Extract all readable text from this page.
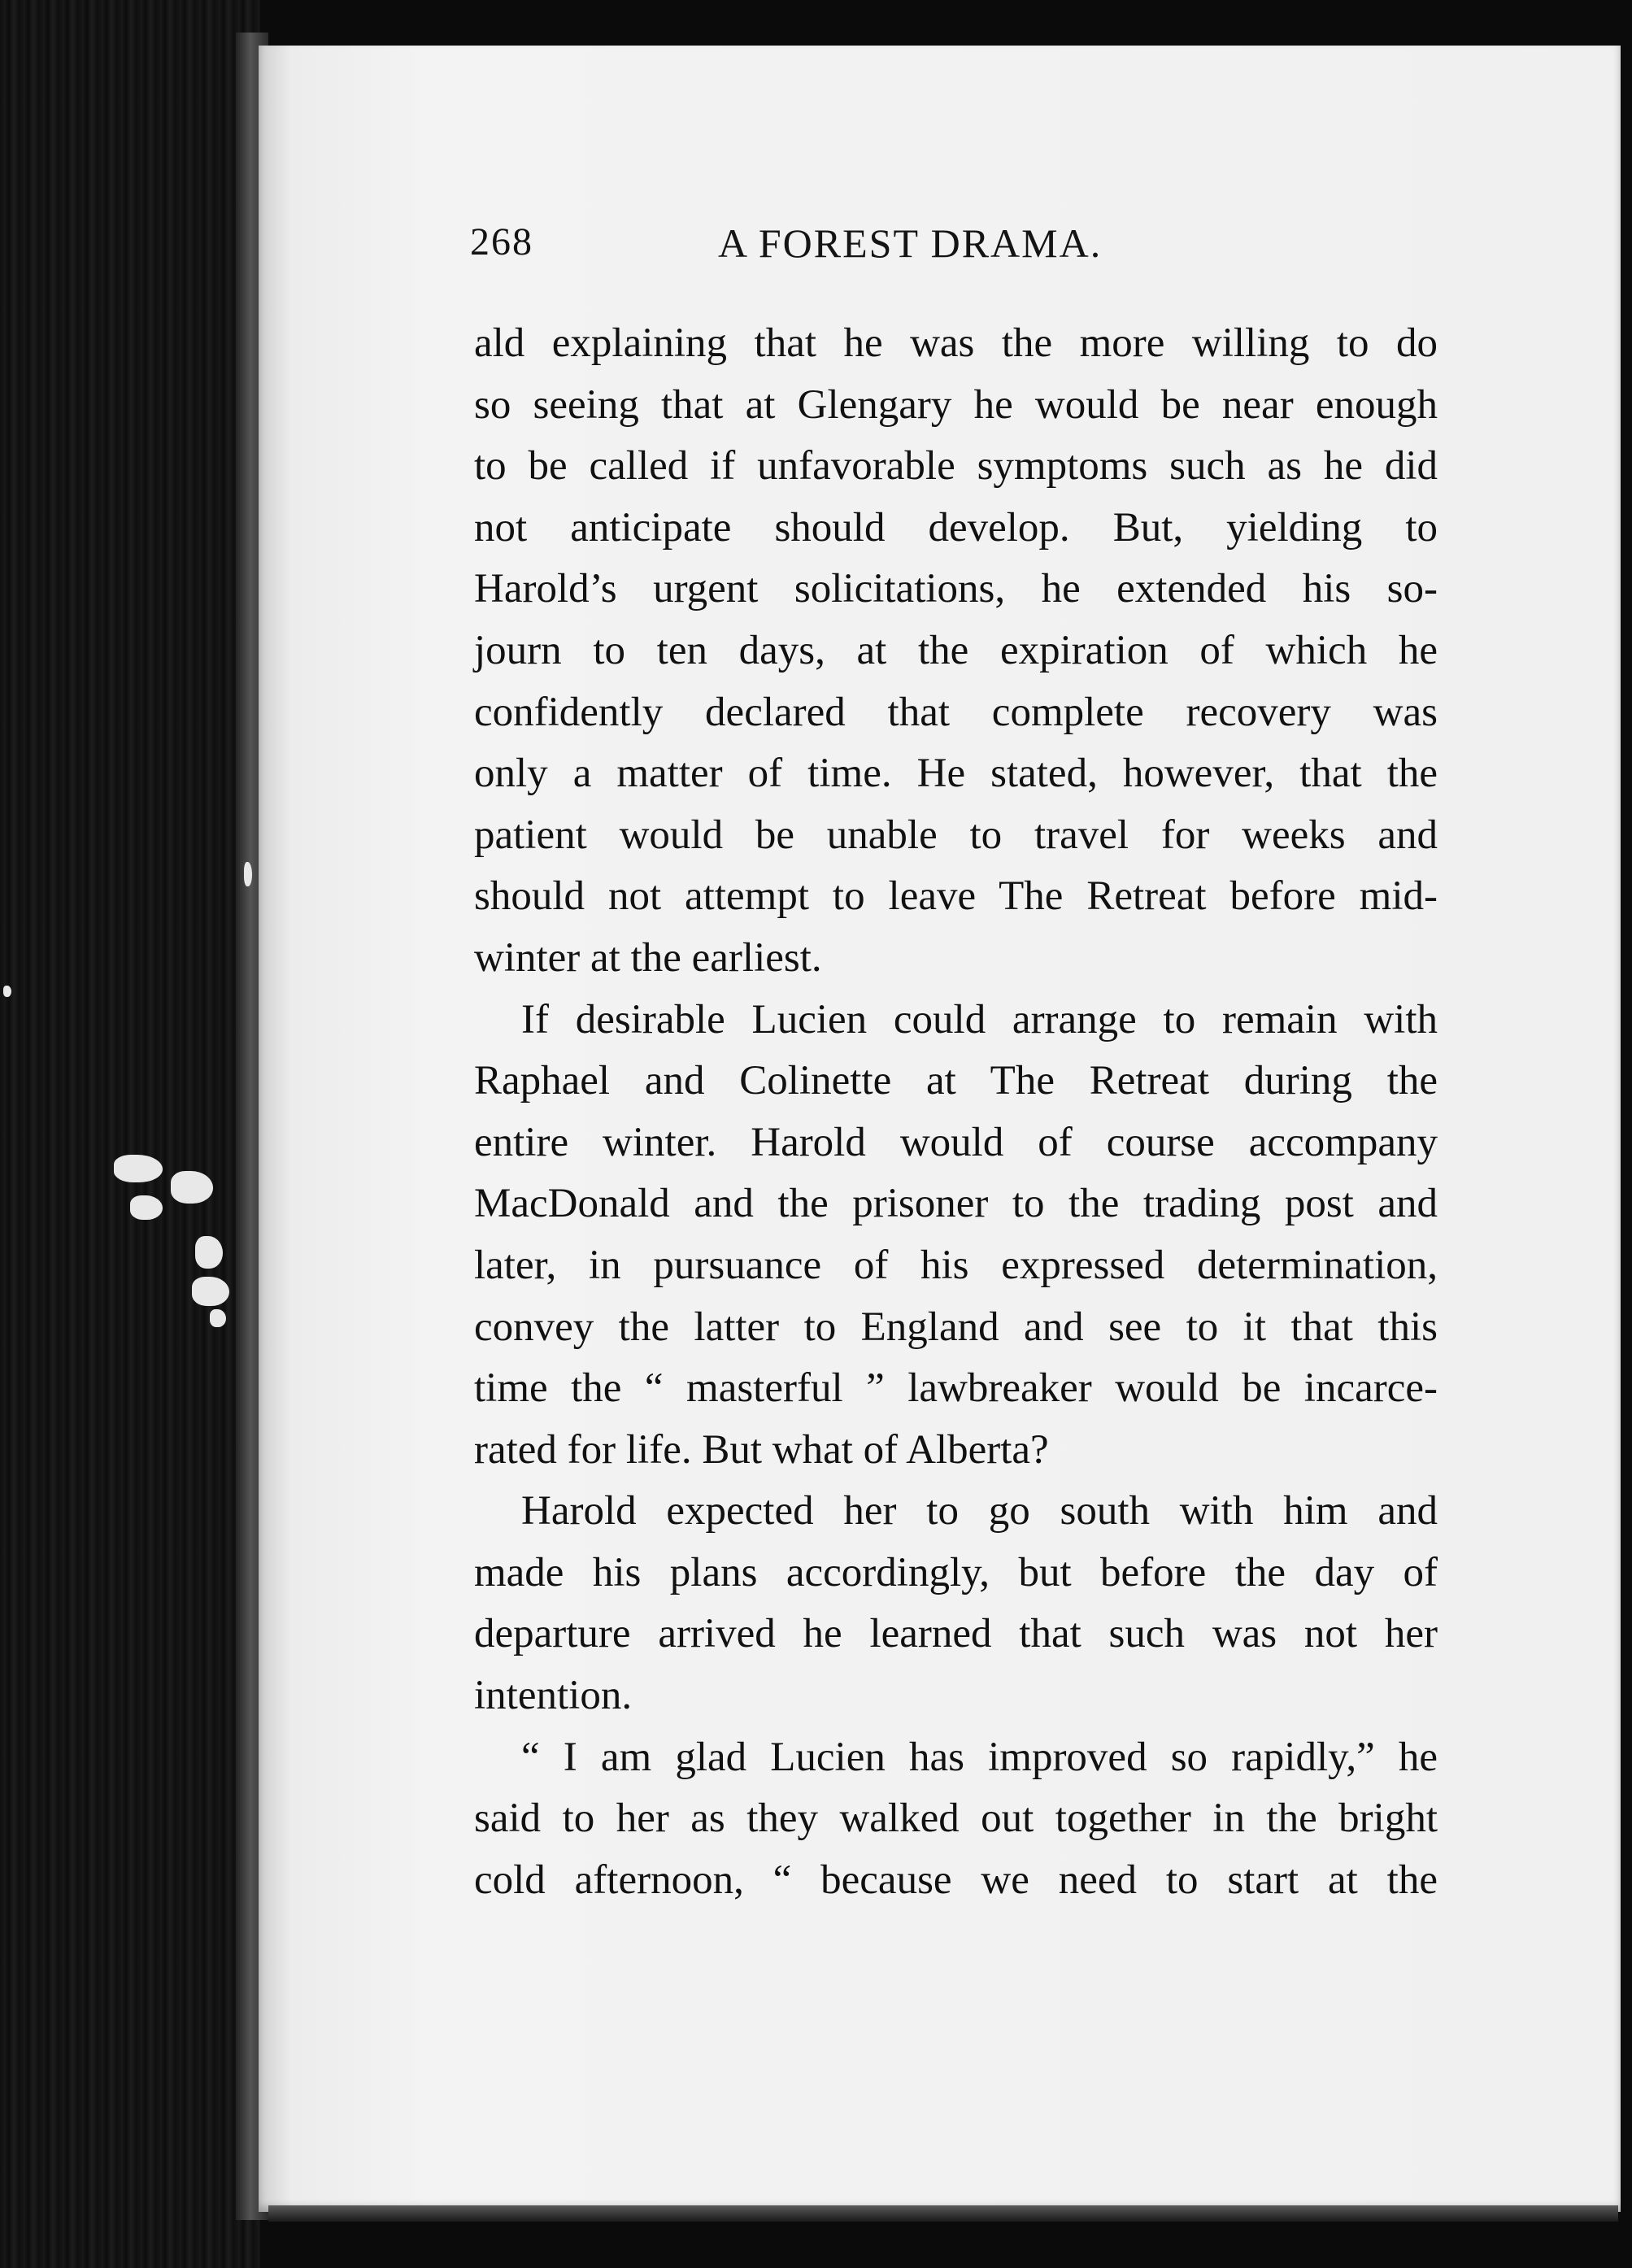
268	A FOREST DRAMA.
ald explaining that he was the more willing to do
so seeing that at Glengary he would be near enough
to be called if unfavorable symptoms such as he did
not anticipate should develop. But, yielding to
Harold’s urgent solicitations, he extended his so-
journ to ten days, at the expiration of which he
confidently declared that complete recovery was
only a matter of time. He stated, however, that the
patient would be unable to travel for weeks and
should not attempt to leave The Retreat before mid-
winter at the earliest.
If desirable Lucien could arrange to remain with
Raphael and Colinette at The Retreat during the
entire winter. Harold would of course accompany
MacDonald and the prisoner to the trading post and
later, in pursuance of his expressed determination,
convey the latter to England and see to it that this
time the “ masterful ” lawbreaker would be incarce-
rated for life. But what of Alberta?
Harold expected her to go south with him and
made his plans accordingly, but before the day of
departure arrived he learned that such was not her
intention.
“ I am glad Lucien has improved so rapidly,” he
said to her as they walked out together in the bright
cold afternoon, “ because we need to start at the
